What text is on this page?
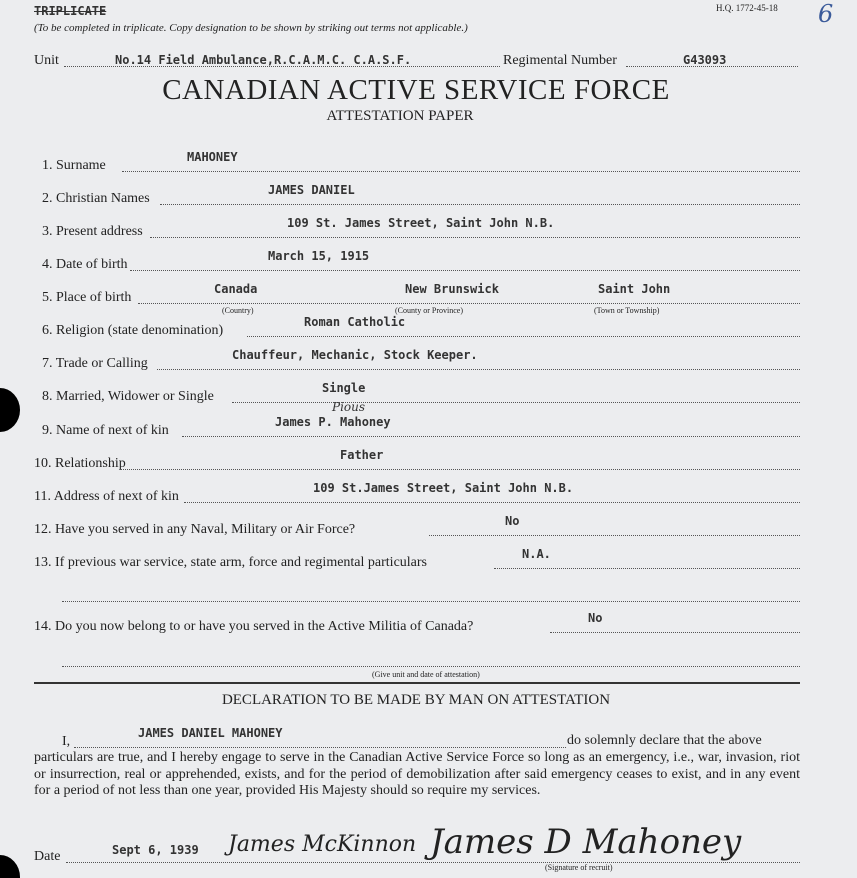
TRIPLICATE
(To be completed in triplicate. Copy designation to be shown by striking out terms not applicable.)
H.Q. 1772-45-18 6
Unit	No.14 Field Ambulance,R.C.A.M.C. C.A.S.F.	Regimental Number	G43093
CANADIAN ACTIVE SERVICE FORCE
ATTESTATION PAPER
1. Surname
MAHONEY
2. Christian Names
JAMES DANIEL
3. Present address
109 St. James Street, Saint John N.B.
4. Date of birth
March 15, 1915
5. Place of birth
Canada	New Brunswick	Saint John
(Country)	(County or Province)	(Town or Township)
6. Religion (state denomination)
Roman Catholic
7. Trade or Calling
Chauffeur, Mechanic, Stock Keeper.
8. Married, Widower or Single
Single
9. Name of next of kin
James P. Mahoney
10. Relationship
Father
11. Address of next of kin
109 St.James Street, Saint John N.B.
12. Have you served in any Naval, Military or Air Force?
No
13. If previous war service, state arm, force and regimental particulars
N.A.
14. Do you now belong to or have you served in the Active Militia of Canada?
No
Pious
(Give unit and date of attestation)
DECLARATION TO BE MADE BY MAN ON ATTESTATION
I,
JAMES DANIEL MAHONEY	do solemnly declare that the above
particulars are true, and I hereby engage to serve in the Canadian Active Service Force so long as an emergency, i.e., war, invasion, riot or insurrection, real or apprehended, exists, and for the period of demobilization after said emergency ceases to exist, and in any event for a period of not less than one year, provided His Majesty should so require my services.
Date	Sept 6, 1939 James McKinnon James D Mahoney
(Signature of recruit)
